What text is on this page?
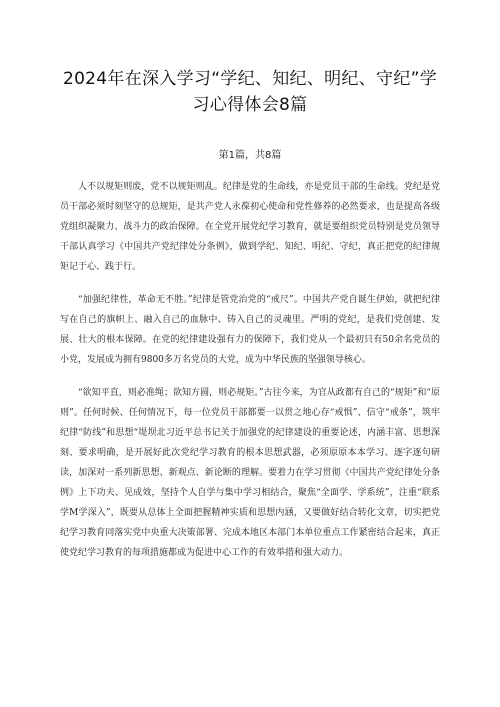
2024年在深入学习“学纪、知纪、明纪、守纪”学习心得体会8篇
第1篇，共8篇

人不以规矩则废，党不以规矩则乱。纪律是党的生命线，亦是党员干部的生命线。党纪是党员干部必须时刻坚守的总规矩，是共产党人永葆初心使命和党性修养的必然要求，也是提高各级党组织凝聚力、战斗力的政治保障。在全党开展党纪学习教育，就是要组织党员特别是党员领导干部认真学习《中国共产党纪律处分条例》，做到学纪、知纪、明纪、守纪，真正把党的纪律规矩记于心、践于行。

“加强纪律性，革命无不胜。”纪律是管党治党的“戒尺”。中国共产党自诞生伊始，就把纪律写在自己的旗帜上、融入自己的血脉中、铸入自己的灵魂里。严明的党纪，是我们党创建、发展、壮大的根本保障。在党的纪律建设强有力的保障下，我们党从一个最初只有50余名党员的小党，发展成为拥有9800多万名党员的大党，成为中华民族的坚强领导核心。

“欲知平直，则必准绳；欲知方圆，则必规矩。”古往今来，为官从政都有自己的“规矩”和“原则”。任何时候、任何情况下，每一位党员干部都要一以贯之地心存“戒惧”、信守“戒条”，筑牢纪律“防线”和思想“堤坝北习近平总书记关于加强党的纪律建设的重要论述，内涵丰富、思想深刻、要求明确，是开展好此次党纪学习教育的根本思想武器，必须原原本本学习、逐字逐句研读，加深对一系列新思想、新观点、新论断的理解。要着力在学习贯彻《中国共产党纪律处分条例》上下功夫、见成效，坚持个人自学与集中学习相结合，聚焦“全面学、学系统”，注重“联系学M学深入”，既要从总体上全面把握精神实质和思想内涵，又要做好结合转化文章，切实把党纪学习教育同落实党中央重大决策部署、完成本地区本部门本单位重点工作紧密结合起来，真正使党纪学习教育的每项措施都成为促进中心工作的有效举措和强大动力。
